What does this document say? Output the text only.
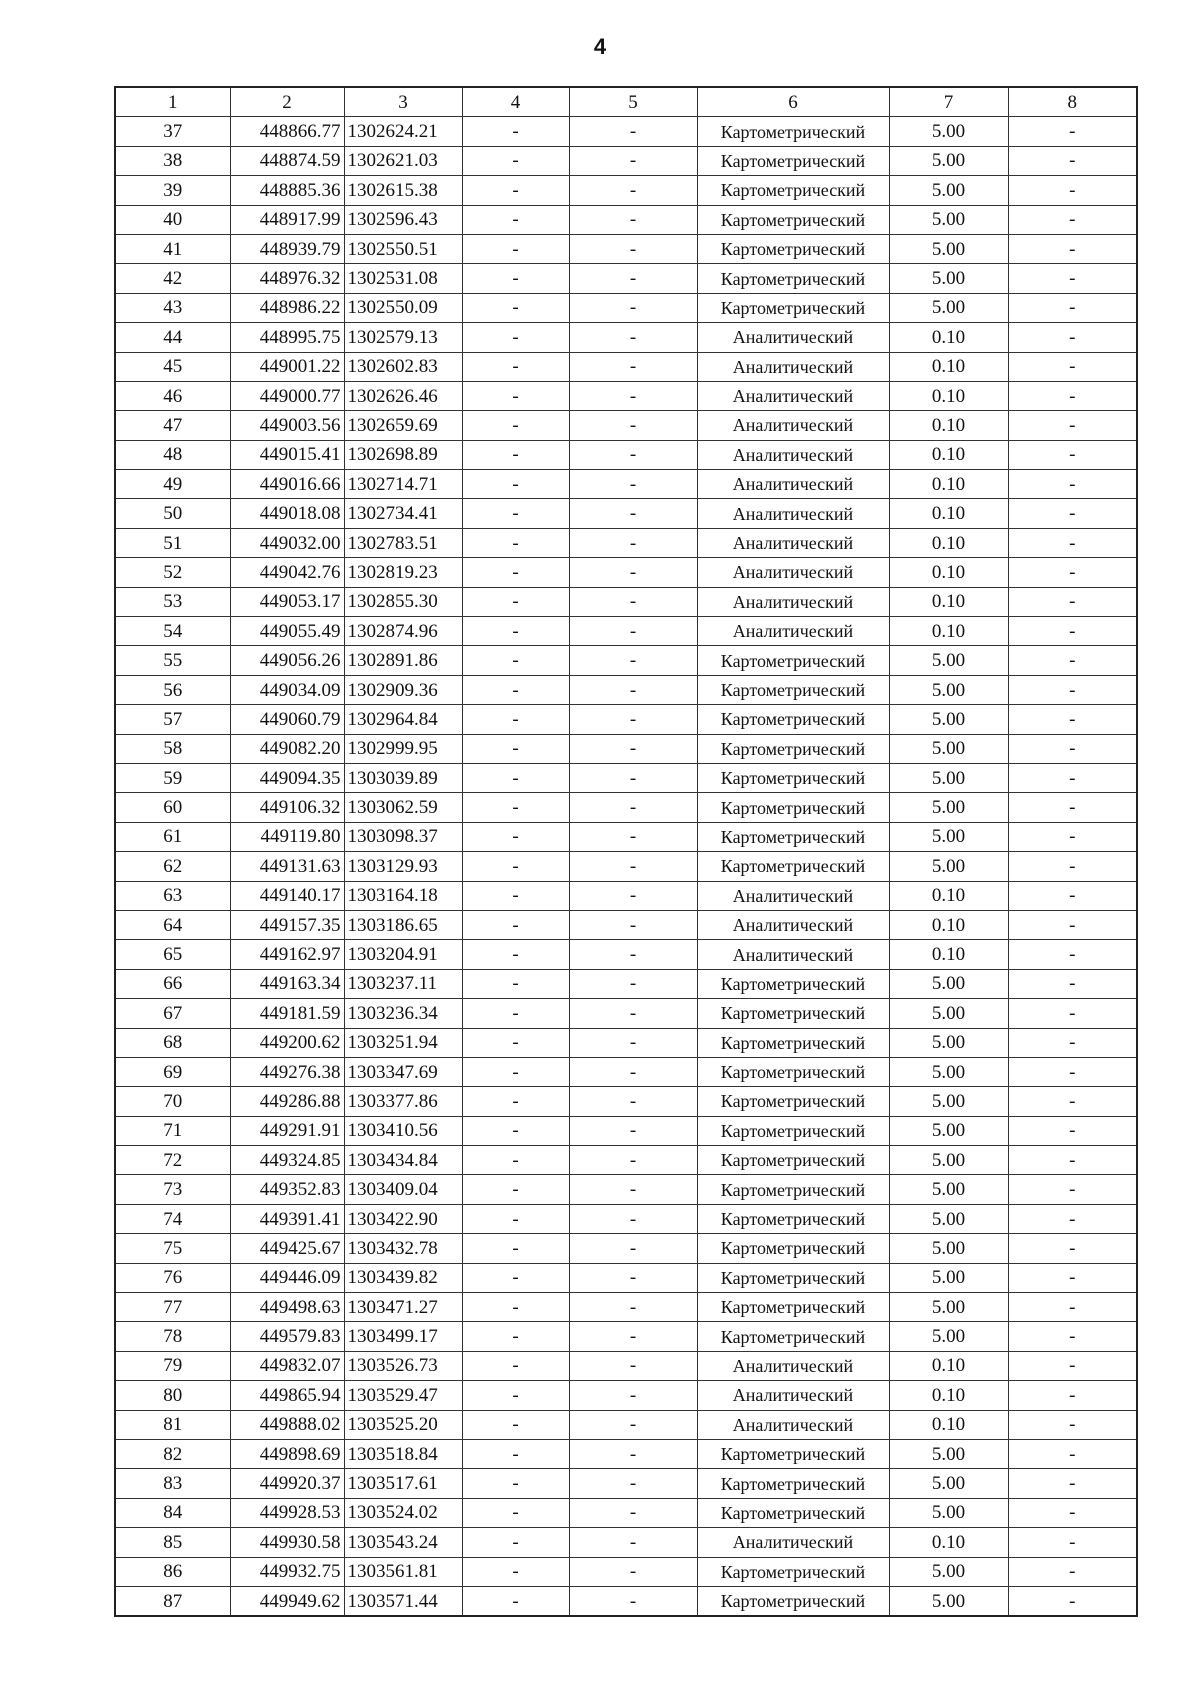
4
1	2	3	4	5	6	7	8
37	448866.77	1302624.21	-	-	Картометрический	5.00	-
38	448874.59	1302621.03	-	-	Картометрический	5.00	-
39	448885.36	1302615.38	-	-	Картометрический	5.00	-
40	448917.99	1302596.43	-	-	Картометрический	5.00	-
41	448939.79	1302550.51	-	-	Картометрический	5.00	-
42	448976.32	1302531.08	-	-	Картометрический	5.00	-
43	448986.22	1302550.09	-	-	Картометрический	5.00	-
44	448995.75	1302579.13	-	-	Аналитический	0.10	-
45	449001.22	1302602.83	-	-	Аналитический	0.10	-
46	449000.77	1302626.46	-	-	Аналитический	0.10	-
47	449003.56	1302659.69	-	-	Аналитический	0.10	-
48	449015.41	1302698.89	-	-	Аналитический	0.10	-
49	449016.66	1302714.71	-	-	Аналитический	0.10	-
50	449018.08	1302734.41	-	-	Аналитический	0.10	-
51	449032.00	1302783.51	-	-	Аналитический	0.10	-
52	449042.76	1302819.23	-	-	Аналитический	0.10	-
53	449053.17	1302855.30	-	-	Аналитический	0.10	-
54	449055.49	1302874.96	-	-	Аналитический	0.10	-
55	449056.26	1302891.86	-	-	Картометрический	5.00	-
56	449034.09	1302909.36	-	-	Картометрический	5.00	-
57	449060.79	1302964.84	-	-	Картометрический	5.00	-
58	449082.20	1302999.95	-	-	Картометрический	5.00	-
59	449094.35	1303039.89	-	-	Картометрический	5.00	-
60	449106.32	1303062.59	-	-	Картометрический	5.00	-
61	449119.80	1303098.37	-	-	Картометрический	5.00	-
62	449131.63	1303129.93	-	-	Картометрический	5.00	-
63	449140.17	1303164.18	-	-	Аналитический	0.10	-
64	449157.35	1303186.65	-	-	Аналитический	0.10	-
65	449162.97	1303204.91	-	-	Аналитический	0.10	-
66	449163.34	1303237.11	-	-	Картометрический	5.00	-
67	449181.59	1303236.34	-	-	Картометрический	5.00	-
68	449200.62	1303251.94	-	-	Картометрический	5.00	-
69	449276.38	1303347.69	-	-	Картометрический	5.00	-
70	449286.88	1303377.86	-	-	Картометрический	5.00	-
71	449291.91	1303410.56	-	-	Картометрический	5.00	-
72	449324.85	1303434.84	-	-	Картометрический	5.00	-
73	449352.83	1303409.04	-	-	Картометрический	5.00	-
74	449391.41	1303422.90	-	-	Картометрический	5.00	-
75	449425.67	1303432.78	-	-	Картометрический	5.00	-
76	449446.09	1303439.82	-	-	Картометрический	5.00	-
77	449498.63	1303471.27	-	-	Картометрический	5.00	-
78	449579.83	1303499.17	-	-	Картометрический	5.00	-
79	449832.07	1303526.73	-	-	Аналитический	0.10	-
80	449865.94	1303529.47	-	-	Аналитический	0.10	-
81	449888.02	1303525.20	-	-	Аналитический	0.10	-
82	449898.69	1303518.84	-	-	Картометрический	5.00	-
83	449920.37	1303517.61	-	-	Картометрический	5.00	-
84	449928.53	1303524.02	-	-	Картометрический	5.00	-
85	449930.58	1303543.24	-	-	Аналитический	0.10	-
86	449932.75	1303561.81	-	-	Картометрический	5.00	-
87	449949.62	1303571.44	-	-	Картометрический	5.00	-
